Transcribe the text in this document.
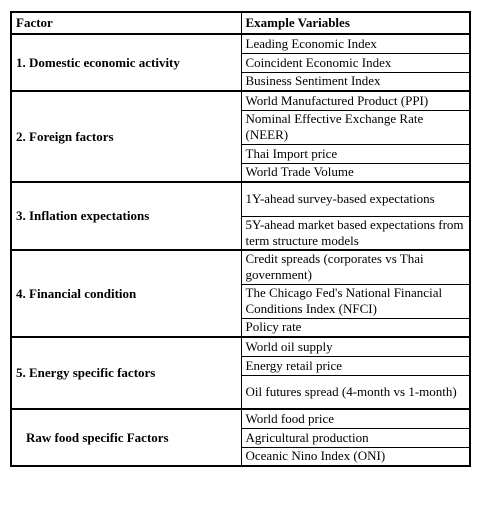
Factor	Example Variables
1. Domestic economic activity	Leading Economic Index
	Coincident Economic Index
	Business Sentiment Index
2. Foreign factors	World Manufactured Product (PPI)
	Nominal Effective Exchange Rate (NEER)
	Thai Import price
	World Trade Volume
3. Inflation expectations	1Y-ahead survey-based expectations
	5Y-ahead market based expectations from term structure models
4. Financial condition	Credit spreads (corporates vs Thai government)
	The Chicago Fed's National Financial Conditions Index (NFCI)
	Policy rate
5. Energy specific factors	World oil supply
	Energy retail price
	Oil futures spread (4-month vs 1-month)
Raw food specific Factors	World food price
	Agricultural production
	Oceanic Nino Index (ONI)
